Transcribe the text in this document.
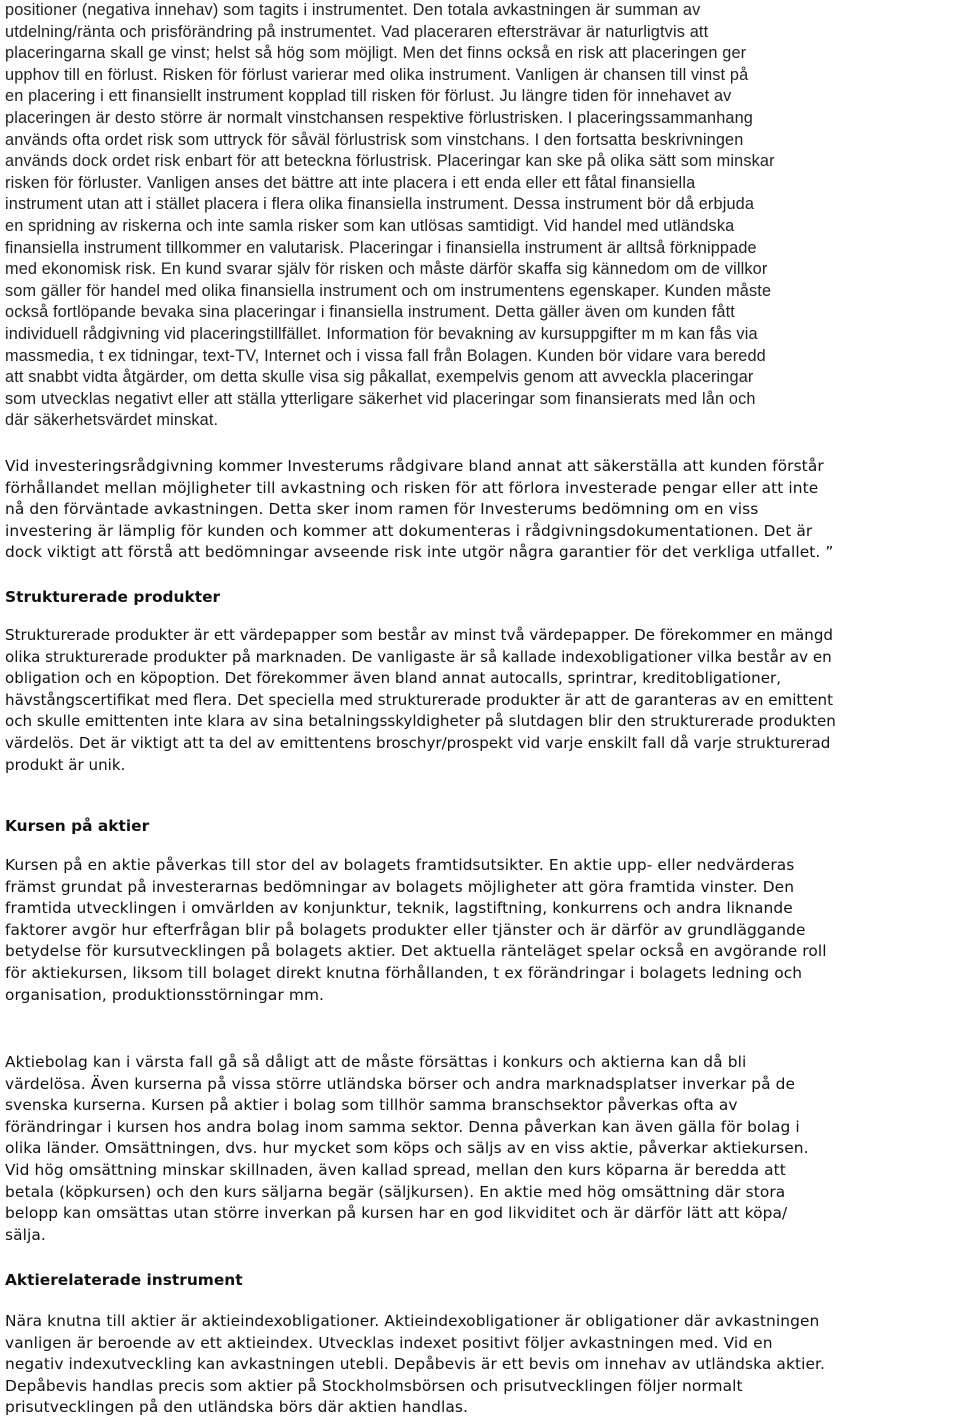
positioner (negativa innehav) som tagits i instrumentet. Den totala avkastningen är summan av
utdelning/ränta och prisförändring på instrumentet. Vad placeraren eftersträvar är naturligtvis att
placeringarna skall ge vinst; helst så hög som möjligt. Men det finns också en risk att placeringen ger
upphov till en förlust. Risken för förlust varierar med olika instrument. Vanligen är chansen till vinst på
en placering i ett finansiellt instrument kopplad till risken för förlust. Ju längre tiden för innehavet av
placeringen är desto större är normalt vinstchansen respektive förlustrisken. I placeringssammanhang
används ofta ordet risk som uttryck för såväl förlustrisk som vinstchans. I den fortsatta beskrivningen
används dock ordet risk enbart för att beteckna förlustrisk. Placeringar kan ske på olika sätt som minskar
risken för förluster. Vanligen anses det bättre att inte placera i ett enda eller ett fåtal finansiella
instrument utan att i stället placera i flera olika finansiella instrument. Dessa instrument bör då erbjuda
en spridning av riskerna och inte samla risker som kan utlösas samtidigt. Vid handel med utländska
finansiella instrument tillkommer en valutarisk. Placeringar i finansiella instrument är alltså förknippade
med ekonomisk risk. En kund svarar själv för risken och måste därför skaffa sig kännedom om de villkor
som gäller för handel med olika finansiella instrument och om instrumentens egenskaper. Kunden måste
också fortlöpande bevaka sina placeringar i finansiella instrument. Detta gäller även om kunden fått
individuell rådgivning vid placeringstillfället. Information för bevakning av kursuppgifter m m kan fås via
massmedia, t ex tidningar, text-TV, Internet och i vissa fall från Bolagen. Kunden bör vidare vara beredd
att snabbt vidta åtgärder, om detta skulle visa sig påkallat, exempelvis genom att avveckla placeringar
som utvecklas negativt eller att ställa ytterligare säkerhet vid placeringar som finansierats med lån och
där säkerhetsvärdet minskat.
Vid investeringsrådgivning kommer Investerums rådgivare bland annat att säkerställa att kunden förstår
förhållandet mellan möjligheter till avkastning och risken för att förlora investerade pengar eller att inte
nå den förväntade avkastningen. Detta sker inom ramen för Investerums bedömning om en viss
investering är lämplig för kunden och kommer att dokumenteras i rådgivningsdokumentationen. Det är
dock viktigt att förstå att bedömningar avseende risk inte utgör några garantier för det verkliga utfallet. ”
Strukturerade produkter
Strukturerade produkter är ett värdepapper som består av minst två värdepapper. De förekommer en mängd
olika strukturerade produkter på marknaden. De vanligaste är så kallade indexobligationer vilka består av en
obligation och en köpoption. Det förekommer även bland annat autocalls, sprintrar, kreditobligationer,
hävstångscertifikat med flera. Det speciella med strukturerade produkter är att de garanteras av en emittent
och skulle emittenten inte klara av sina betalningsskyldigheter på slutdagen blir den strukturerade produkten
värdelös. Det är viktigt att ta del av emittentens broschyr/prospekt vid varje enskilt fall då varje strukturerad
produkt är unik.
Kursen på aktier
Kursen på en aktie påverkas till stor del av bolagets framtidsutsikter. En aktie upp- eller nedvärderas
främst grundat på investerarnas bedömningar av bolagets möjligheter att göra framtida vinster. Den
framtida utvecklingen i omvärlden av konjunktur, teknik, lagstiftning, konkurrens och andra liknande
faktorer avgör hur efterfrågan blir på bolagets produkter eller tjänster och är därför av grundläggande
betydelse för kursutvecklingen på bolagets aktier. Det aktuella ränteläget spelar också en avgörande roll
för aktiekursen, liksom till bolaget direkt knutna förhållanden, t ex förändringar i bolagets ledning och
organisation, produktionsstörningar mm.
Aktiebolag kan i värsta fall gå så dåligt att de måste försättas i konkurs och aktierna kan då bli
värdelösa. Även kurserna på vissa större utländska börser och andra marknadsplatser inverkar på de
svenska kurserna. Kursen på aktier i bolag som tillhör samma branschsektor påverkas ofta av
förändringar i kursen hos andra bolag inom samma sektor. Denna påverkan kan även gälla för bolag i
olika länder. Omsättningen, dvs. hur mycket som köps och säljs av en viss aktie, påverkar aktiekursen.
Vid hög omsättning minskar skillnaden, även kallad spread, mellan den kurs köparna är beredda att
betala (köpkursen) och den kurs säljarna begär (säljkursen). En aktie med hög omsättning där stora
belopp kan omsättas utan större inverkan på kursen har en god likviditet och är därför lätt att köpa/
sälja.
Aktierelaterade instrument
Nära knutna till aktier är aktieindexobligationer. Aktieindexobligationer är obligationer där avkastningen
vanligen är beroende av ett aktieindex. Utvecklas indexet positivt följer avkastningen med. Vid en
negativ indexutveckling kan avkastningen utebli. Depåbevis är ett bevis om innehav av utländska aktier.
Depåbevis handlas precis som aktier på Stockholmsbörsen och prisutvecklingen följer normalt
prisutvecklingen på den utländska börs där aktien handlas.
